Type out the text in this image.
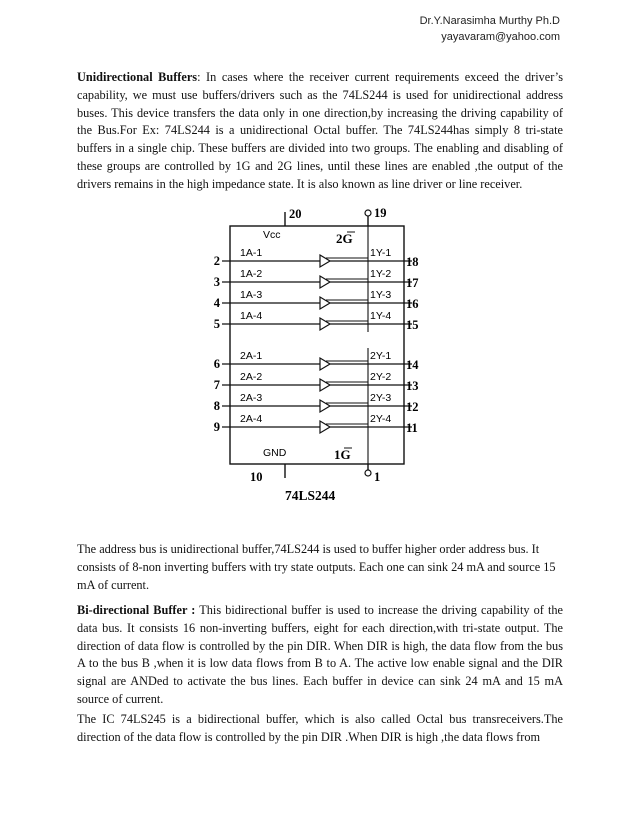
Dr.Y.Narasimha Murthy Ph.D
yayavaram@yahoo.com

Unidirectional Buffers: In cases where the receiver current requirements exceed the driver’s capability, we must use buffers/drivers such as the 74LS244 is used for unidirectional address buses. This device transfers the data only in one direction,by increasing the driving capability of the Bus.For Ex: 74LS244 is a unidirectional Octal buffer. The 74LS244has simply 8 tri-state buffers in a single chip. These buffers are divided into two groups. The enabling and disabling of these groups are controlled by 1G and 2G lines, until these lines are enabled ,the output of the drivers remains in the high impedance state. It is also known as line driver or line receiver.

20
Vcc
19
2G
GND	1G
10	1
74LS244
1A-1
2
1Y-1
18
1A-2
3
1Y-2
17
1A-3
4
1Y-3
16
1A-4
5
1Y-4
15
2A-1
6
2Y-1
14
2A-2
7
2Y-2
13
2A-3
8
2Y-3
12
2A-4
9
2Y-4
11

The address bus is unidirectional buffer,74LS244 is used to buffer higher order address bus. It consists of 8-non inverting buffers with try state outputs. Each one can sink 24 mA and source 15 mA of current.

Bi-directional Buffer : This bidirectional buffer is used to increase the driving capability of the data bus. It consists 16 non-inverting buffers, eight for each direction,with tri-state output. The direction of data flow is controlled by the pin DIR. When DIR is high, the data flow from the bus A to the bus B ,when it is low data flows from B to A. The active low enable signal and the DIR signal are ANDed to activate the bus lines. Each buffer in device can sink 24 mA and 15 mA source of current.

The IC 74LS245 is a bidirectional buffer, which is also called Octal bus transreceivers.The direction of the data flow is controlled by the pin DIR .When DIR is high ,the data flows from
